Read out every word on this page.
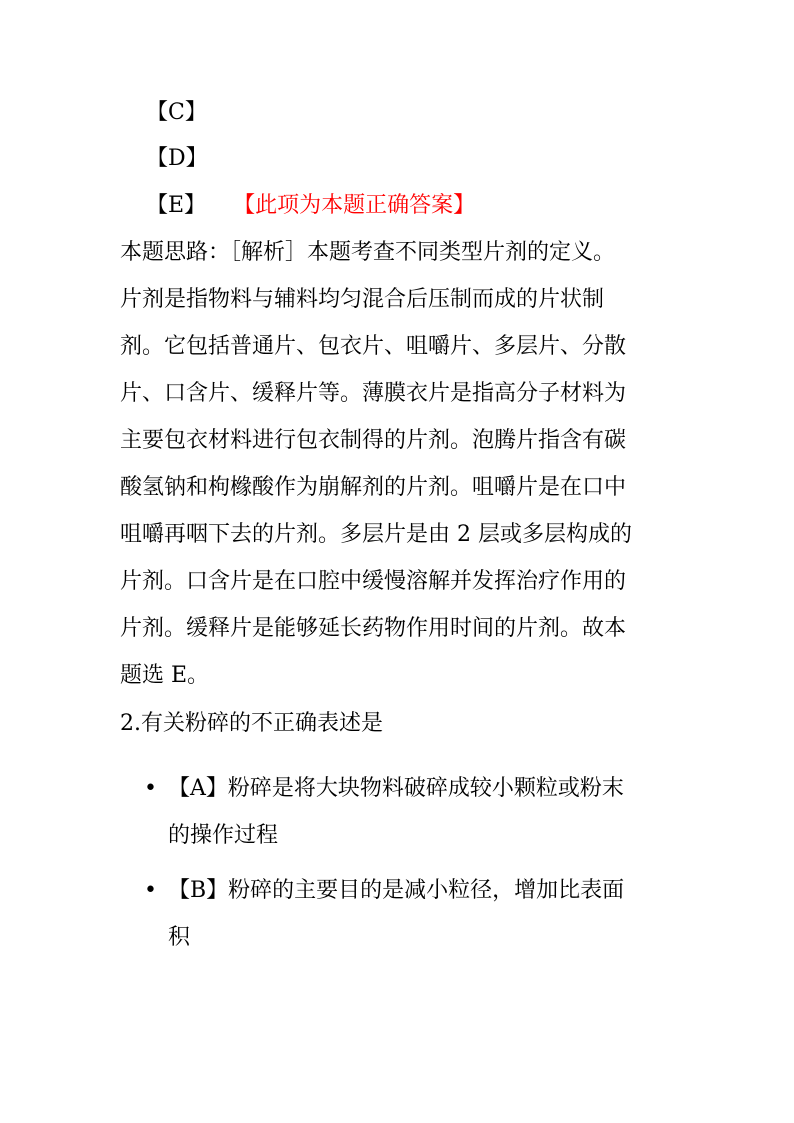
【C】
【D】
【E】 【此项为本题正确答案】
本题思路：［解析］本题考查不同类型片剂的定义。
片剂是指物料与辅料均匀混合后压制而成的片状制
剂。它包括普通片、包衣片、咀嚼片、多层片、分散
片、口含片、缓释片等。薄膜衣片是指高分子材料为
主要包衣材料进行包衣制得的片剂。泡腾片指含有碳
酸氢钠和枸橼酸作为崩解剂的片剂。咀嚼片是在口中
咀嚼再咽下去的片剂。多层片是由 2 层或多层构成的
片剂。口含片是在口腔中缓慢溶解并发挥治疗作用的
片剂。缓释片是能够延长药物作用时间的片剂。故本
题选 E。
2.有关粉碎的不正确表述是
• 【A】粉碎是将大块物料破碎成较小颗粒或粉末
的操作过程
• 【B】粉碎的主要目的是减小粒径，增加比表面
积
